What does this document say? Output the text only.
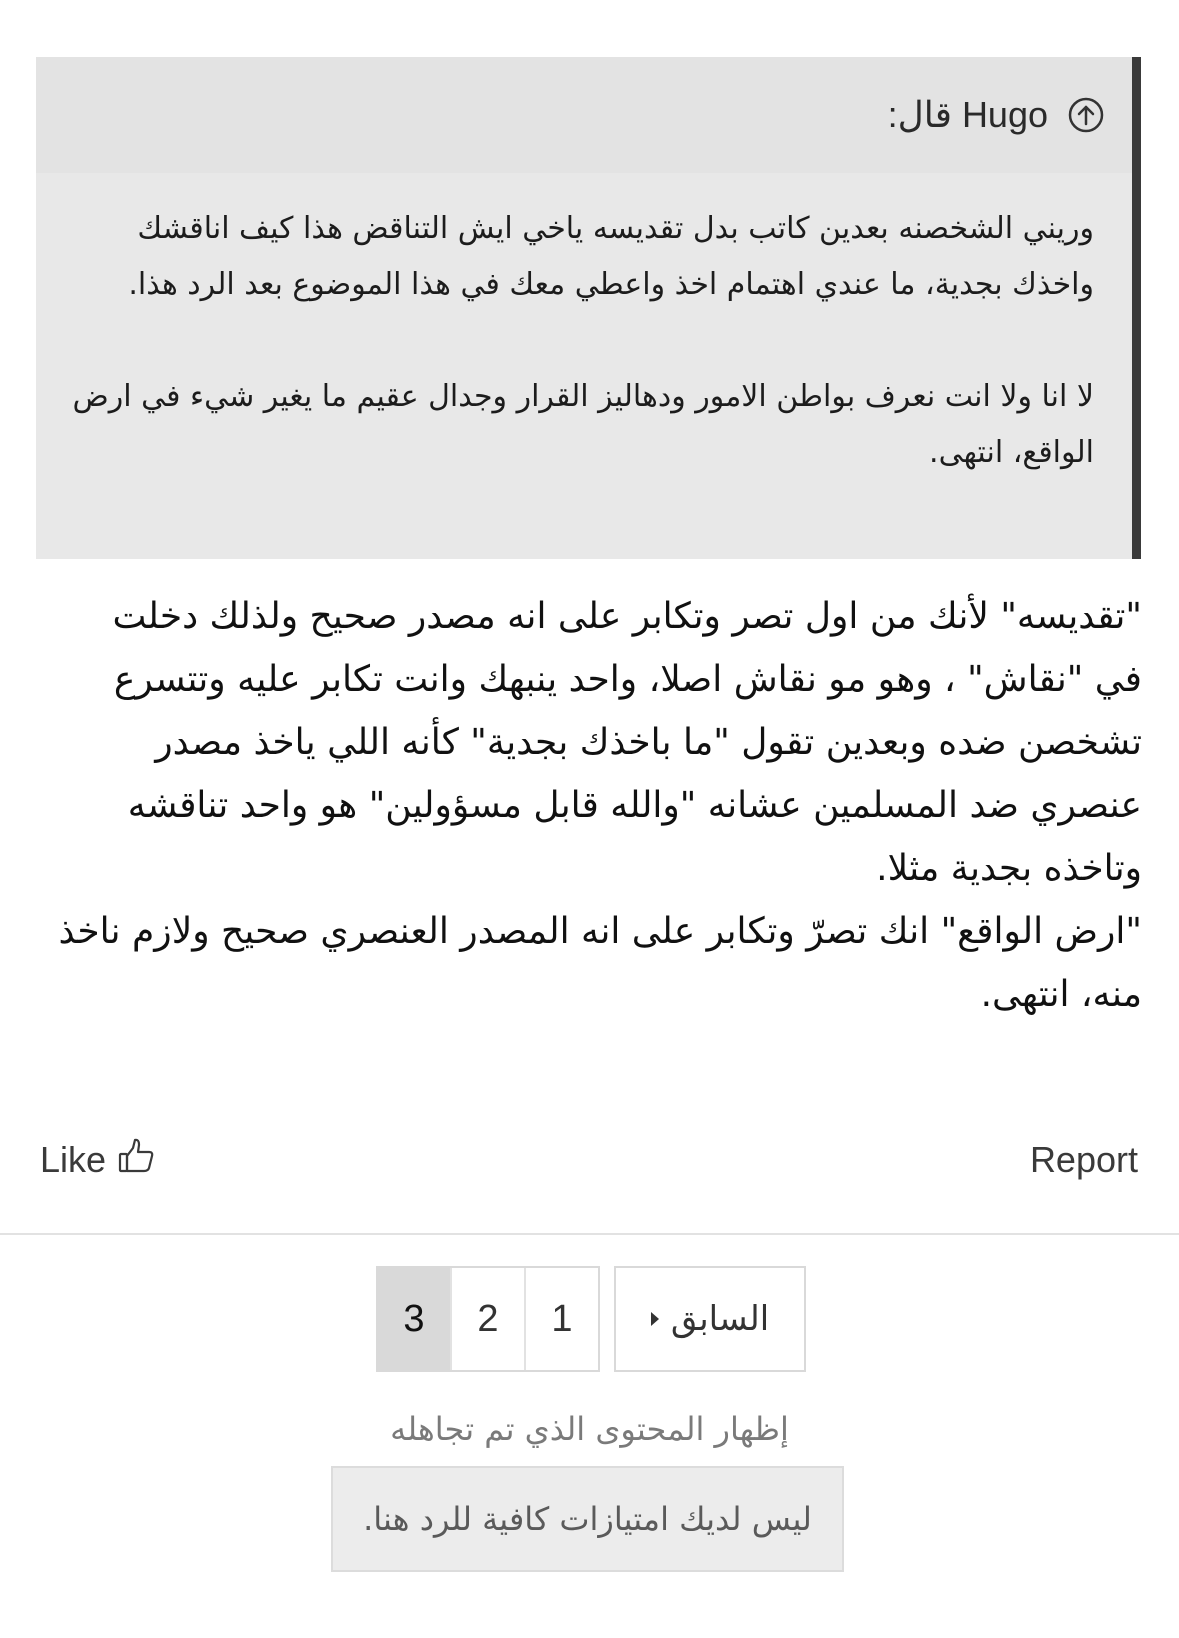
Hugo قال:

وريني الشخصنه بعدين كاتب بدل تقديسه ياخي ايش التناقض هذا كيف اناقشك واخذك بجدية، ما عندي اهتمام اخذ واعطي معك في هذا الموضوع بعد الرد هذا.

لا انا ولا انت نعرف بواطن الامور ودهاليز القرار وجدال عقيم ما يغير شيء في ارض الواقع، انتهى.

"تقديسه" لأنك من اول تصر وتكابر على انه مصدر صحيح ولذلك دخلت في "نقاش" ، وهو مو نقاش اصلا، واحد ينبهك وانت تكابر عليه وتتسرع تشخصن ضده وبعدين تقول "ما باخذك بجدية" كأنه اللي ياخذ مصدر عنصري ضد المسلمين عشانه "والله قابل مسؤولين" هو واحد تناقشه وتاخذه بجدية مثلا.

"ارض الواقع" انك تصرّ وتكابر على انه المصدر العنصري صحيح ولازم ناخذ منه، انتهى.

Like	Report
3	2	1	السابق
إظهار المحتوى الذي تم تجاهله
ليس لديك امتيازات كافية للرد هنا.
